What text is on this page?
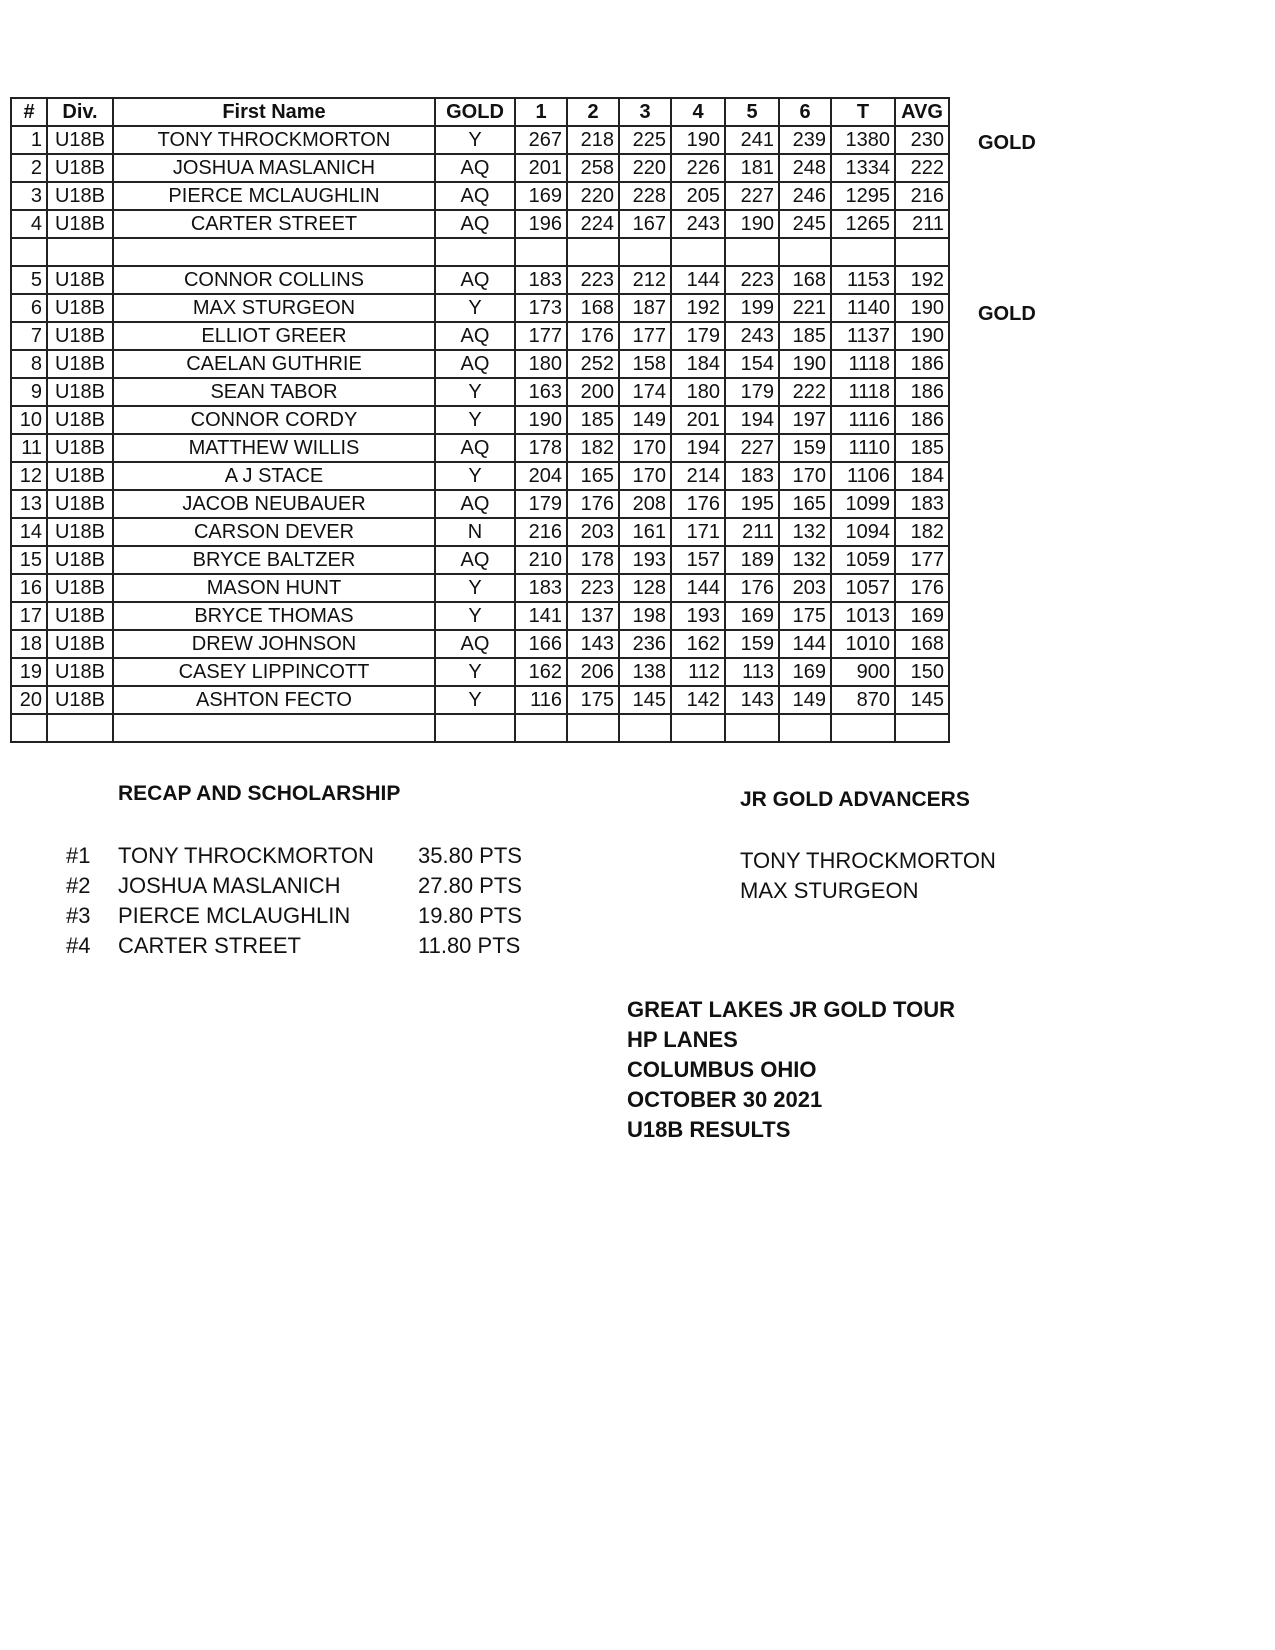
#	Div.	First Name	GOLD	1	2	3	4	5	6	T	AVG
1	U18B	TONY THROCKMORTON	Y	267	218	225	190	241	239	1380	230
2	U18B	JOSHUA MASLANICH	AQ	201	258	220	226	181	248	1334	222
3	U18B	PIERCE MCLAUGHLIN	AQ	169	220	228	205	227	246	1295	216
4	U18B	CARTER STREET	AQ	196	224	167	243	190	245	1265	211

5	U18B	CONNOR COLLINS	AQ	183	223	212	144	223	168	1153	192
6	U18B	MAX STURGEON	Y	173	168	187	192	199	221	1140	190
7	U18B	ELLIOT GREER	AQ	177	176	177	179	243	185	1137	190
8	U18B	CAELAN GUTHRIE	AQ	180	252	158	184	154	190	1118	186
9	U18B	SEAN TABOR	Y	163	200	174	180	179	222	1118	186
10	U18B	CONNOR CORDY	Y	190	185	149	201	194	197	1116	186
11	U18B	MATTHEW WILLIS	AQ	178	182	170	194	227	159	1110	185
12	U18B	A J STACE	Y	204	165	170	214	183	170	1106	184
13	U18B	JACOB NEUBAUER	AQ	179	176	208	176	195	165	1099	183
14	U18B	CARSON DEVER	N	216	203	161	171	211	132	1094	182
15	U18B	BRYCE BALTZER	AQ	210	178	193	157	189	132	1059	177
16	U18B	MASON HUNT	Y	183	223	128	144	176	203	1057	176
17	U18B	BRYCE THOMAS	Y	141	137	198	193	169	175	1013	169
18	U18B	DREW JOHNSON	AQ	166	143	236	162	159	144	1010	168
19	U18B	CASEY LIPPINCOTT	Y	162	206	138	112	113	169	900	150
20	U18B	ASHTON FECTO	Y	116	175	145	142	143	149	870	145

GOLD
GOLD
RECAP AND SCHOLARSHIP
#1 TONY THROCKMORTON 35.80 PTS
#2 JOSHUA MASLANICH	27.80 PTS
#3 PIERCE MCLAUGHLIN	19.80 PTS
#4 CARTER STREET	11.80 PTS
JR GOLD ADVANCERS
TONY THROCKMORTON
MAX STURGEON
GREAT LAKES JR GOLD TOUR
HP LANES
COLUMBUS OHIO
OCTOBER 30 2021
U18B RESULTS
